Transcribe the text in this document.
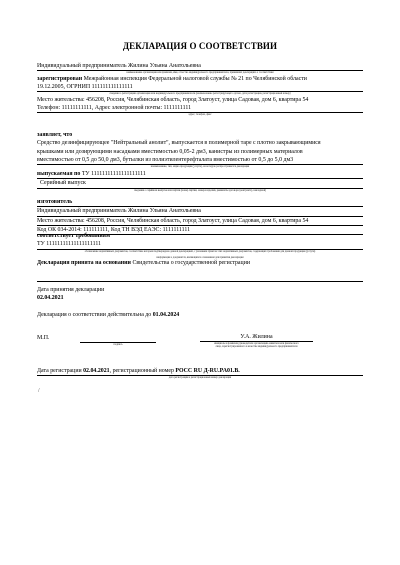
ДЕКЛАРАЦИЯ О СООТВЕТСТВИИ
Индивидуальный предприниматель Жилина Ульяна Анатольевна
наименование организации или фамилия, имя, отчество индивидуального предпринимателя, принявших декларацию о соответствии
зарегистрирован Межрайонная инспекция Федеральной налоговой службы № 21 по Челябинской области
19.12.2005, ОГРНИП 111111111111111
сведения о регистрации организации или индивидуального предпринимателя (наименование регистрирующего органа, дата регистрации, регистрационный номер)
Место жительства: 456208, Россия, Челябинская область, город Златоуст, улица Садовая, дом 6, квартира 54
Телефон: 11111111111, Адрес электронной почты: 1111111111
адрес, телефон, факс
заявляет, что
Средство дезинфицирующее "Нейтральный анолит", выпускается в полимерной таре с плотно закрывающимися
крышками или дозирующими насадками вместимостью 0,05-2 дм3, канистры из полимерных материалов
вместимостью от 0,5 до 50,0 дм3, бутылки из полиэтилентерефталата вместимостью от 0,5 до 5,0 дм3
наименование, тип, марка продукции (услуги), на которую распространяется декларация
выпускаемая по ТУ 11111111111111111111
Серийный выпуск
сведения о серийном выпуске или партии (номер партии, номера изделий, реквизиты договора (контракта), накладной)
изготовитель
Индивидуальный предприниматель Жилина Ульяна Анатольевна
Место жительства: 456208, Россия, Челябинская область, город Златоуст, улица Садовая, дом 6, квартира 54
Код ОК 034-2014: 111111111, Код ТН ВЭД ЕАЭС: 1111111111
соответствует требованиям
ТУ 11111111111111111111
обозначение нормативных документов, соответствие которым подтверждено данной декларацией, с указанием пунктов этих нормативных документов, содержащих требования для данной продукции (услуги)
информация о документах, являющихся основанием для принятия декларации
Декларация принята на основании Свидетельства о государственной регистрации
Дата принятия декларации
02.04.2021
Декларация о соответствии действительна до 01.04.2024
М.П.
подпись
У.А. Жилина
инициалы и фамилия руководителя организации-заявителя или физического
лица, зарегистрированного в качестве индивидуального предпринимателя
Дата регистрации 02.04.2021, регистрационный номер РОСС RU Д-RU.PA01.B.
дата регистрации и регистрационный номер декларации
/
